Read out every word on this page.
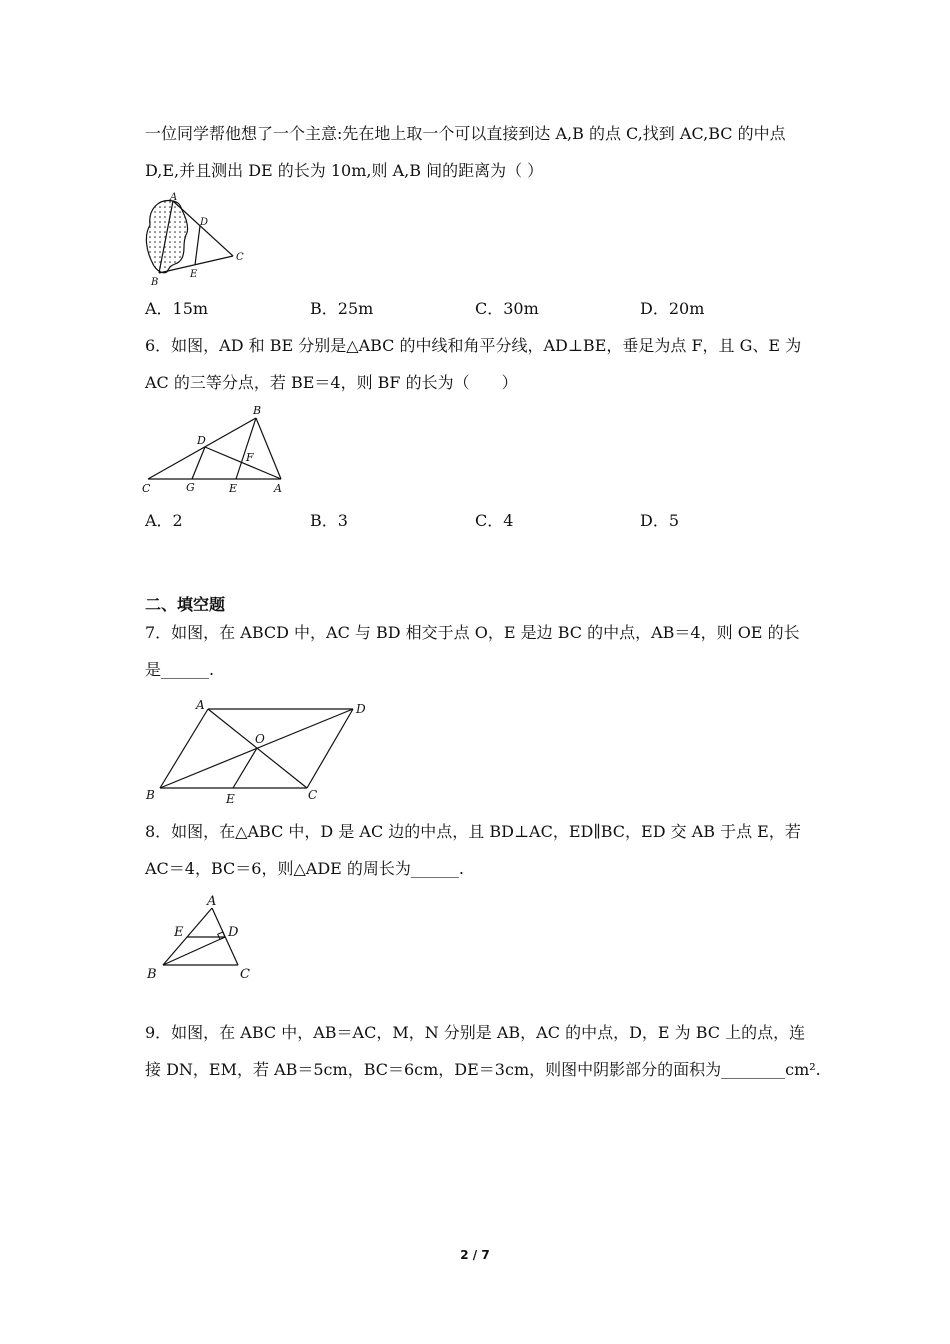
一位同学帮他想了一个主意:先在地上取一个可以直接到达 A,B 的点 C,找到 AC,BC 的中点
D,E,并且测出 DE 的长为 10m,则 A,B 间的距离为（ ）
A
B
C
D
E
A．15m	B．25m	C．30m	D．20m
6．如图，AD 和 BE 分别是△ABC 的中线和角平分线，AD⊥BE，垂足为点 F，且 G、E 为
AC 的三等分点，若 BE＝4，则 BF 的长为（　　）
B
D
F
C	G	E	A
A．2	B．3	C．4	D．5
二、填空题
7．如图，在 ABCD 中，AC 与 BD 相交于点 O，E 是边 BC 的中点，AB＝4，则 OE 的长
是______.
A	D
O
B	E	C
8．如图，在△ABC 中，D 是 AC 边的中点，且 BD⊥AC，ED∥BC，ED 交 AB 于点 E，若
AC＝4，BC＝6，则△ADE 的周长为______.
A
E	D
B	C
9．如图，在 ABC 中，AB＝AC，M，N 分别是 AB，AC 的中点，D，E 为 BC 上的点，连
接 DN，EM，若 AB＝5cm，BC＝6cm，DE＝3cm，则图中阴影部分的面积为________cm².
2 / 7
